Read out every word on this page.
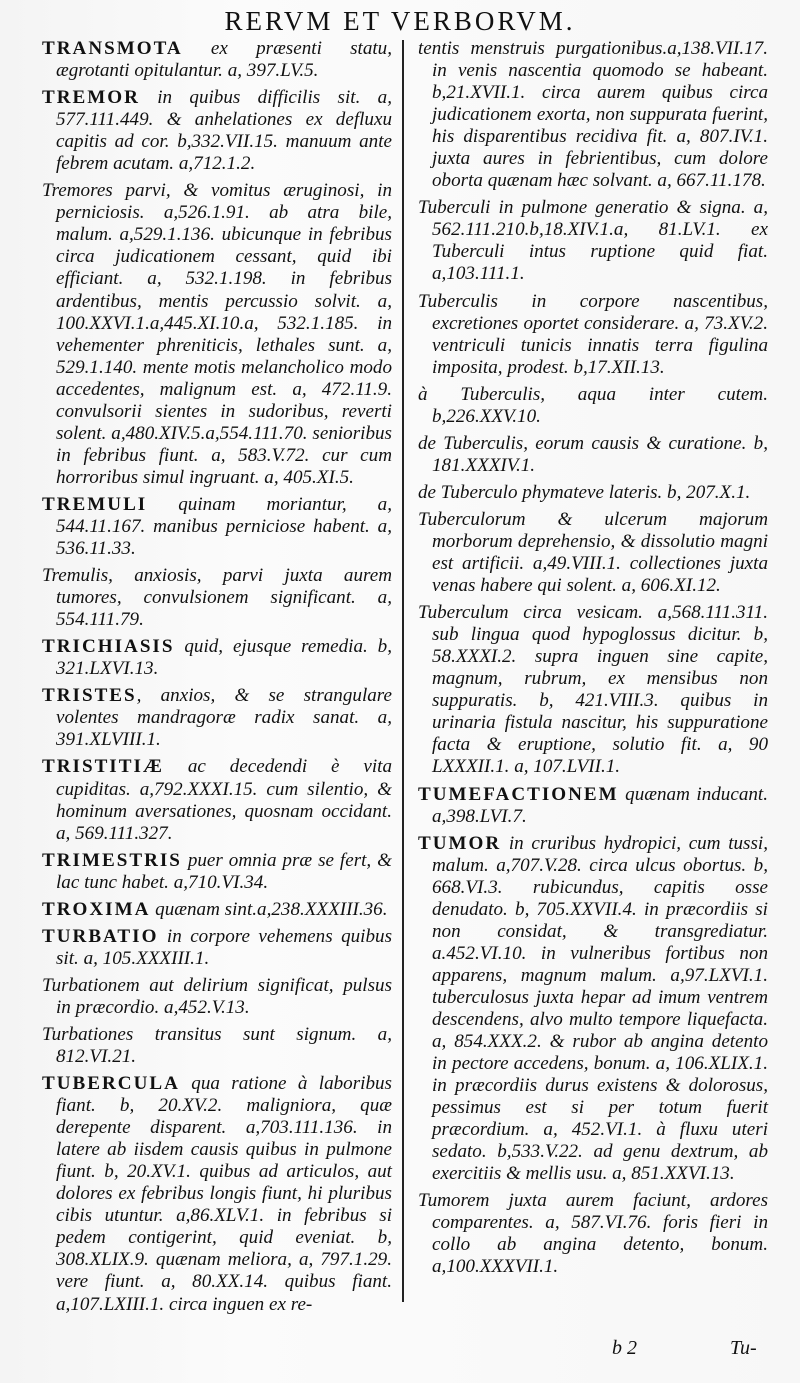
RERVM ET VERBORVM.
TRANSMOTA ex præsenti statu, ægrotanti opitulantur. a, 397.LV.5.
TREMOR in quibus difficilis sit. a, 577.111.449. & anhelationes ex defluxu capitis ad cor. b,332.VII.15. manuum ante febrem acutam. a,712.1.2.
Tremores parvi, & vomitus æruginosi, in perniciosis. a,526.1.91. ab atra bile, malum. a,529.1.136. ubicunque in febribus circa judicationem cessant, quid ibi efficiant. a, 532.1.198. in febribus ardentibus, mentis percussio solvit. a, 100.XXVI.1.a,445.XI.10.a, 532.1.185. in vehementer phreniticis, lethales sunt. a, 529.1.140. mente motis melancholico modo accedentes, malignum est. a, 472.11.9. convulsorii sientes in sudoribus, reverti solent. a,480.XIV.5.a,554.111.70. senioribus in febribus fiunt. a, 583.V.72. cur cum horroribus simul ingruant. a, 405.XI.5.
TREMULI quinam moriantur, a, 544.11.167. manibus perniciose habent. a, 536.11.33.
Tremulis, anxiosis, parvi juxta aurem tumores, convulsionem significant. a, 554.111.79.
TRICHIASIS quid, ejusque remedia. b, 321.LXVI.13.
TRISTES, anxios, & se strangulare volentes mandragoræ radix sanat. a, 391.XLVIII.1.
TRISTITIÆ ac decedendi è vita cupiditas. a,792.XXXI.15. cum silentio, & hominum aversationes, quosnam occidant. a, 569.111.327.
TRIMESTRIS puer omnia præ se fert, & lac tunc habet. a,710.VI.34.
TROXIMA quænam sint.a,238.XXXIII.36.
TURBATIO in corpore vehemens quibus sit. a, 105.XXXIII.1.
Turbationem aut delirium significat, pulsus in præcordio. a,452.V.13.
Turbationes transitus sunt signum. a, 812.VI.21.
TUBERCULA qua ratione à laboribus fiant. b, 20.XV.2. maligniora, quæ derepente disparent. a,703.111.136. in latere ab iisdem causis quibus in pulmone fiunt. b, 20.XV.1. quibus ad articulos, aut dolores ex febribus longis fiunt, hi pluribus cibis utuntur. a,86.XLV.1. in febribus si pedem contigerint, quid eveniat. b, 308.XLIX.9. quænam meliora, a, 797.1.29. vere fiunt. a, 80.XX.14. quibus fiant. a,107.LXIII.1. circa inguen ex re-
tentis menstruis purgationibus.a,138.VII.17. in venis nascentia quomodo se habeant. b,21.XVII.1. circa aurem quibus circa judicationem exorta, non suppurata fuerint, his disparentibus recidiva fit. a, 807.IV.1. juxta aures in febrientibus, cum dolore oborta quænam hæc solvant. a, 667.11.178.
Tuberculi in pulmone generatio & signa. a, 562.111.210.b,18.XIV.1.a, 81.LV.1. ex Tuberculi intus ruptione quid fiat. a,103.111.1.
Tuberculis in corpore nascentibus, excretiones oportet considerare. a, 73.XV.2. ventriculi tunicis innatis terra figulina imposita, prodest. b,17.XII.13.
à Tuberculis, aqua inter cutem. b,226.XXV.10.
de Tuberculis, eorum causis & curatione. b, 181.XXXIV.1.
de Tuberculo phymateve lateris. b, 207.X.1.
Tuberculorum & ulcerum majorum morborum deprehensio, & dissolutio magni est artificii. a,49.VIII.1. collectiones juxta venas habere qui solent. a, 606.XI.12.
Tuberculum circa vesicam. a,568.111.311. sub lingua quod hypoglossus dicitur. b, 58.XXXI.2. supra inguen sine capite, magnum, rubrum, ex mensibus non suppuratis. b, 421.VIII.3. quibus in urinaria fistula nascitur, his suppuratione facta & eruptione, solutio fit. a, 90 LXXXII.1. a, 107.LVII.1.
TUMEFACTIONEM quænam inducant. a,398.LVI.7.
TUMOR in cruribus hydropici, cum tussi, malum. a,707.V.28. circa ulcus obortus. b, 668.VI.3. rubicundus, capitis osse denudato. b, 705.XXVII.4. in præcordiis si non considat, & transgrediatur. a.452.VI.10. in vulneribus fortibus non apparens, magnum malum. a,97.LXVI.1. tuberculosus juxta hepar ad imum ventrem descendens, alvo multo tempore liquefacta. a, 854.XXX.2. & rubor ab angina detento in pectore accedens, bonum. a, 106.XLIX.1. in præcordiis durus existens & dolorosus, pessimus est si per totum fuerit præcordium. a, 452.VI.1. à fluxu uteri sedato. b,533.V.22. ad genu dextrum, ab exercitiis & mellis usu. a, 851.XXVI.13.
Tumorem juxta aurem faciunt, ardores comparentes. a, 587.VI.76. foris fieri in collo ab angina detento, bonum. a,100.XXXVII.1.
b 2	Tu-
